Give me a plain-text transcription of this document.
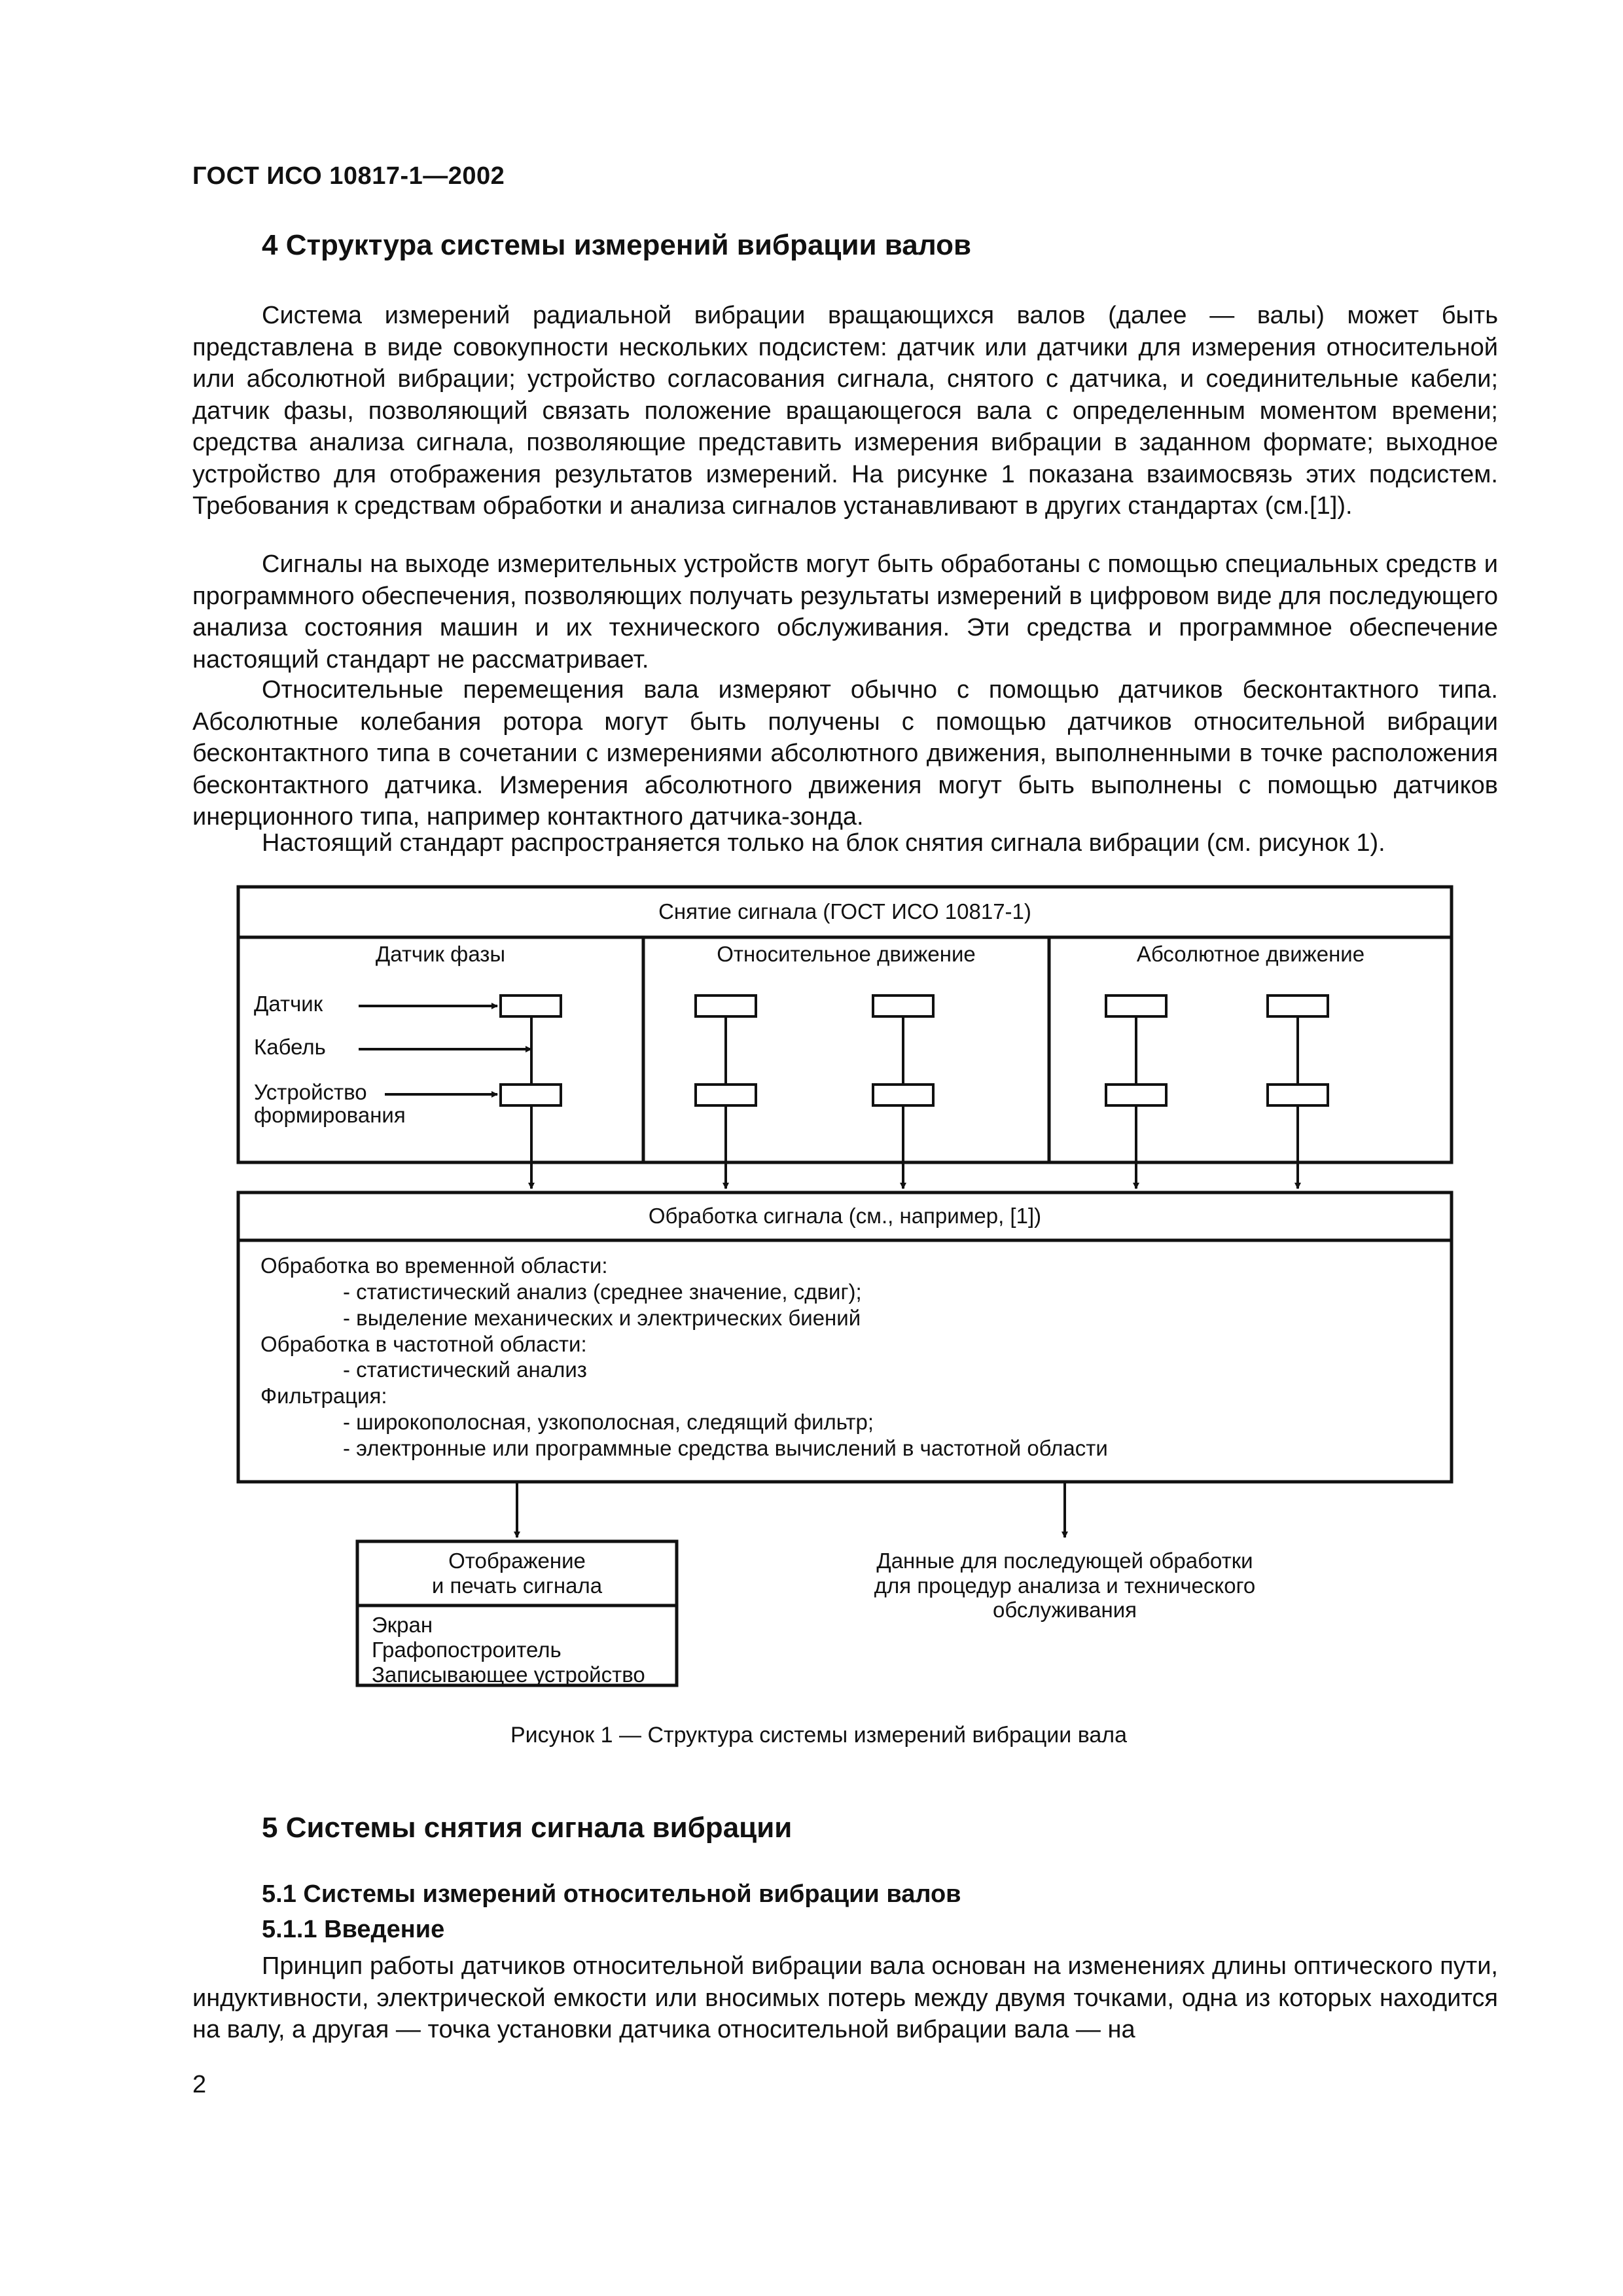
ГОСТ ИСО 10817-1—2002
4 Структура системы измерений вибрации валов

Система измерений радиальной вибрации вращающихся валов (далее — валы) может быть представлена в виде совокупности нескольких подсистем: датчик или датчики для измерения относительной или абсолютной вибрации; устройство согласования сигнала, снятого с датчика, и соединительные кабели; датчик фазы, позволяющий связать положение вращающегося вала с определенным моментом времени; средства анализа сигнала, позволяющие представить измерения вибрации в заданном формате; выходное устройство для отображения результатов измерений. На рисунке 1 показана взаимосвязь этих подсистем. Требования к средствам обработки и анализа сигналов устанавливают в других стандартах (см.[1]).

Сигналы на выходе измерительных устройств могут быть обработаны с помощью специальных средств и программного обеспечения, позволяющих получать результаты измерений в цифровом виде для последующего анализа состояния машин и их технического обслуживания. Эти средства и программное обеспечение настоящий стандарт не рассматривает.

Относительные перемещения вала измеряют обычно с помощью датчиков бесконтактного типа. Абсолютные колебания ротора могут быть получены с помощью датчиков относительной вибрации бесконтактного типа в сочетании с измерениями абсолютного движения, выполненными в точке расположения бесконтактного датчика. Измерения абсолютного движения могут быть выполнены с помощью датчиков инерционного типа, например контактного датчика-зонда.

Настоящий стандарт распространяется только на блок снятия сигнала вибрации (см. рисунок 1).

Снятие сигнала (ГОСТ ИСО 10817-1)
Датчик фазы	Относительное движение	Абсолютное движение
Датчик
Кабель
Устройство
формирования
Обработка сигнала (см., например, [1])
Обработка во временной области:
- статистический анализ (среднее значение, сдвиг);
- выделение механических и электрических биений
Обработка в частотной области:
- статистический анализ
Фильтрация:
- широкополосная, узкополосная, следящий фильтр;
- электронные или программные средства вычислений в частотной области
Отображение
и печать сигнала
Экран
Графопостроитель
Записывающее устройство
Данные для последующей обработки
для процедур анализа и технического
обслуживания
Рисунок 1 — Структура системы измерений вибрации вала
5 Системы снятия сигнала вибрации
5.1 Системы измерений относительной вибрации валов
5.1.1 Введение

Принцип работы датчиков относительной вибрации вала основан на изменениях длины оптического пути, индуктивности, электрической емкости или вносимых потерь между двумя точками, одна из которых находится на валу, а другая — точка установки датчика относительной вибрации вала — на

2
